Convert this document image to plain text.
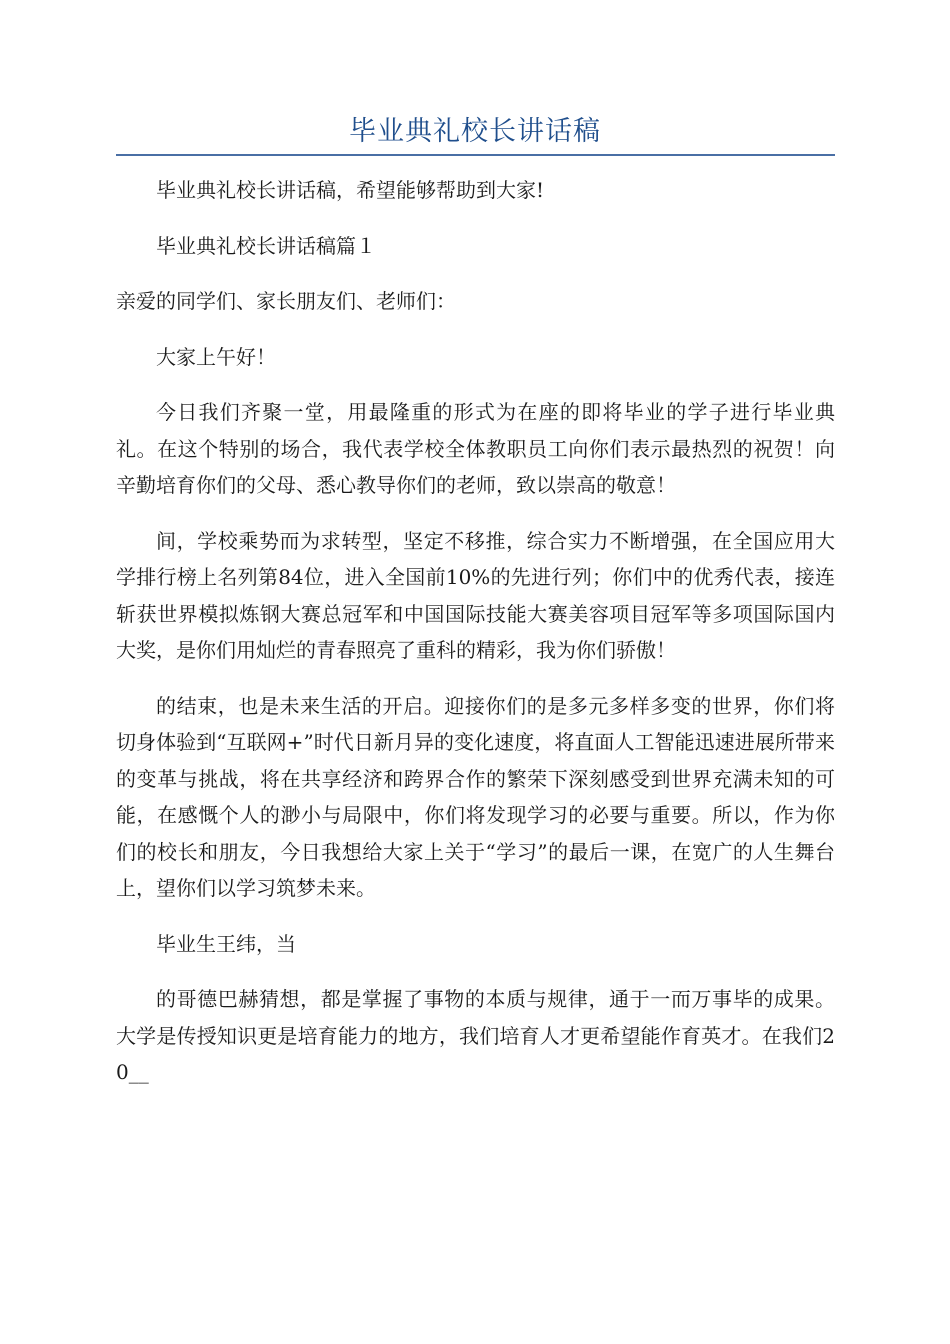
毕业典礼校长讲话稿

毕业典礼校长讲话稿，希望能够帮助到大家!

毕业典礼校长讲话稿篇１

亲爱的同学们、家长朋友们、老师们：

大家上午好！

今日我们齐聚一堂，用最隆重的形式为在座的即将毕业的学子进行毕业典礼。在这个特别的场合，我代表学校全体教职员工向你们表示最热烈的祝贺！向辛勤培育你们的父母、悉心教导你们的老师，致以崇高的敬意！

间，学校乘势而为求转型，坚定不移推，综合实力不断增强，在全国应用大学排行榜上名列第84位，进入全国前10%的先进行列；你们中的优秀代表，接连斩获世界模拟炼钢大赛总冠军和中国国际技能大赛美容项目冠军等多项国际国内大奖，是你们用灿烂的青春照亮了重科的精彩，我为你们骄傲！

的结束，也是未来生活的开启。迎接你们的是多元多样多变的世界，你们将切身体验到“互联网+”时代日新月异的变化速度，将直面人工智能迅速进展所带来的变革与挑战，将在共享经济和跨界合作的繁荣下深刻感受到世界充满未知的可能，在感慨个人的渺小与局限中，你们将发现学习的必要与重要。所以，作为你们的校长和朋友，今日我想给大家上关于“学习”的最后一课，在宽广的人生舞台上，望你们以学习筑梦未来。

毕业生王纬，当

的哥德巴赫猜想，都是掌握了事物的本质与规律，通于一而万事毕的成果。大学是传授知识更是培育能力的地方，我们培育人才更希望能作育英才。在我们20__
